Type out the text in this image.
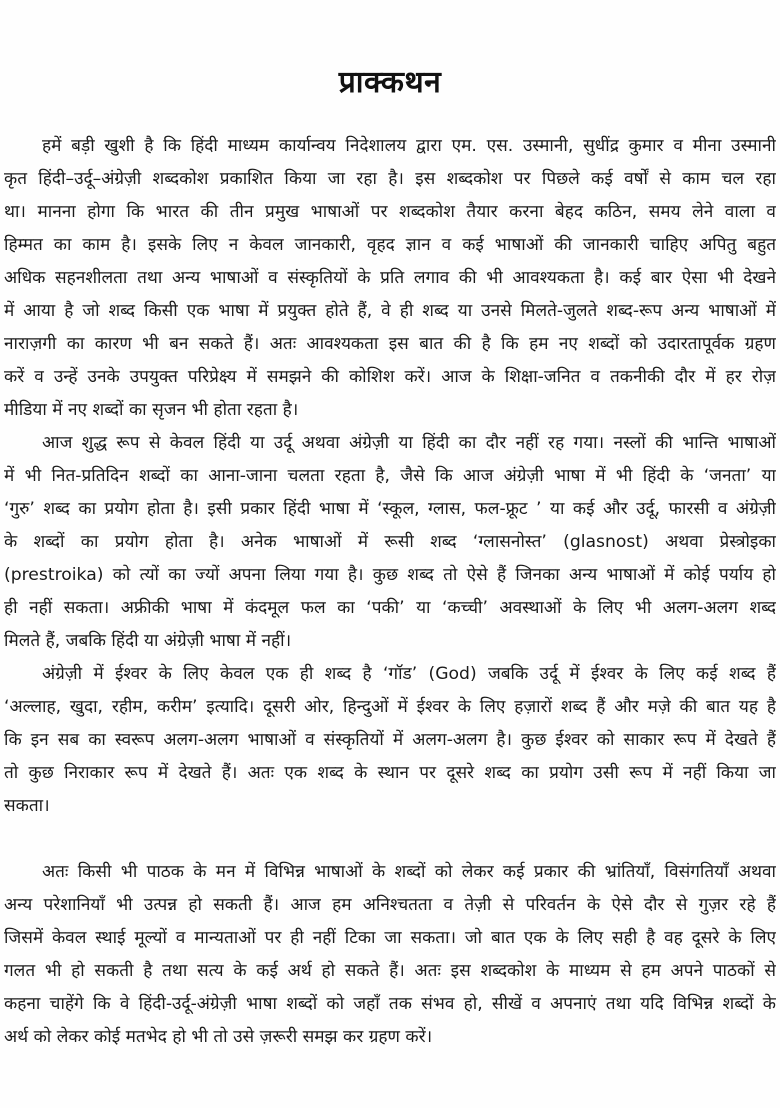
प्राक्कथन
हमें बड़ी खुशी है कि हिंदी माध्यम कार्यान्वय निदेशालय द्वारा एम. एस. उस्मानी, सुधींद्र कुमार व मीना उस्मानी
कृत हिंदी–उर्दू–अंग्रेज़ी शब्दकोश प्रकाशित किया जा रहा है। इस शब्दकोश पर पिछले कई वर्षों से काम चल रहा
था। मानना होगा कि भारत की तीन प्रमुख भाषाओं पर शब्दकोश तैयार करना बेहद कठिन, समय लेने वाला व
हिम्मत का काम है। इसके लिए न केवल जानकारी, वृहद ज्ञान व कई भाषाओं की जानकारी चाहिए अपितु बहुत
अधिक सहनशीलता तथा अन्य भाषाओं व संस्कृतियों के प्रति लगाव की भी आवश्यकता है। कई बार ऐसा भी देखने
में आया है जो शब्द किसी एक भाषा में प्रयुक्त होते हैं, वे ही शब्द या उनसे मिलते-जुलते शब्द-रूप अन्य भाषाओं में
नाराज़गी का कारण भी बन सकते हैं। अतः आवश्यकता इस बात की है कि हम नए शब्दों को उदारतापूर्वक ग्रहण
करें व उन्हें उनके उपयुक्त परिप्रेक्ष्य में समझने की कोशिश करें। आज के शिक्षा-जनित व तकनीकी दौर में हर रोज़
मीडिया में नए शब्दों का सृजन भी होता रहता है।
आज शुद्ध रूप से केवल हिंदी या उर्दू अथवा अंग्रेज़ी या हिंदी का दौर नहीं रह गया। नस्लों की भान्ति भाषाओं
में भी नित-प्रतिदिन शब्दों का आना-जाना चलता रहता है, जैसे कि आज अंग्रेज़ी भाषा में भी हिंदी के ‘जनता’ या
‘गुरु’ शब्द का प्रयोग होता है। इसी प्रकार हिंदी भाषा में ‘स्कूल, ग्लास, फल-फ्रूट ’ या कई और उर्दू, फारसी व अंग्रेज़ी
के शब्दों का प्रयोग होता है। अनेक भाषाओं में रूसी शब्द ‘ग्लासनोस्त’ (glasnost) अथवा प्रेस्त्रोइका
(prestroika) को त्यों का ज्यों अपना लिया गया है। कुछ शब्द तो ऐसे हैं जिनका अन्य भाषाओं में कोई पर्याय हो
ही नहीं सकता। अफ्रीकी भाषा में कंदमूल फल का ‘पकी’ या ‘कच्ची’ अवस्थाओं के लिए भी अलग-अलग शब्द
मिलते हैं, जबकि हिंदी या अंग्रेज़ी भाषा में नहीं।
अंग्रेज़ी में ईश्वर के लिए केवल एक ही शब्द है ‘गॉड’ (God) जबकि उर्दू में ईश्वर के लिए कई शब्द हैं
‘अल्लाह, खुदा, रहीम, करीम’ इत्यादि। दूसरी ओर, हिन्दुओं में ईश्वर के लिए हज़ारों शब्द हैं और मज़े की बात यह है
कि इन सब का स्वरूप अलग-अलग भाषाओं व संस्कृतियों में अलग-अलग है। कुछ ईश्वर को साकार रूप में देखते हैं
तो कुछ निराकार रूप में देखते हैं। अतः एक शब्द के स्थान पर दूसरे शब्द का प्रयोग उसी रूप में नहीं किया जा
सकता।
अतः किसी भी पाठक के मन में विभिन्न भाषाओं के शब्दों को लेकर कई प्रकार की भ्रांतियाँ, विसंगतियाँ अथवा
अन्य परेशानियाँ भी उत्पन्न हो सकती हैं। आज हम अनिश्चतता व तेज़ी से परिवर्तन के ऐसे दौर से गुज़र रहे हैं
जिसमें केवल स्थाई मूल्यों व मान्यताओं पर ही नहीं टिका जा सकता। जो बात एक के लिए सही है वह दूसरे के लिए
गलत भी हो सकती है तथा सत्य के कई अर्थ हो सकते हैं। अतः इस शब्दकोश के माध्यम से हम अपने पाठकों से
कहना चाहेंगे कि वे हिंदी-उर्दू-अंग्रेज़ी भाषा शब्दों को जहाँ तक संभव हो, सीखें व अपनाएं तथा यदि विभिन्न शब्दों के
अर्थ को लेकर कोई मतभेद हो भी तो उसे ज़रूरी समझ कर ग्रहण करें।
